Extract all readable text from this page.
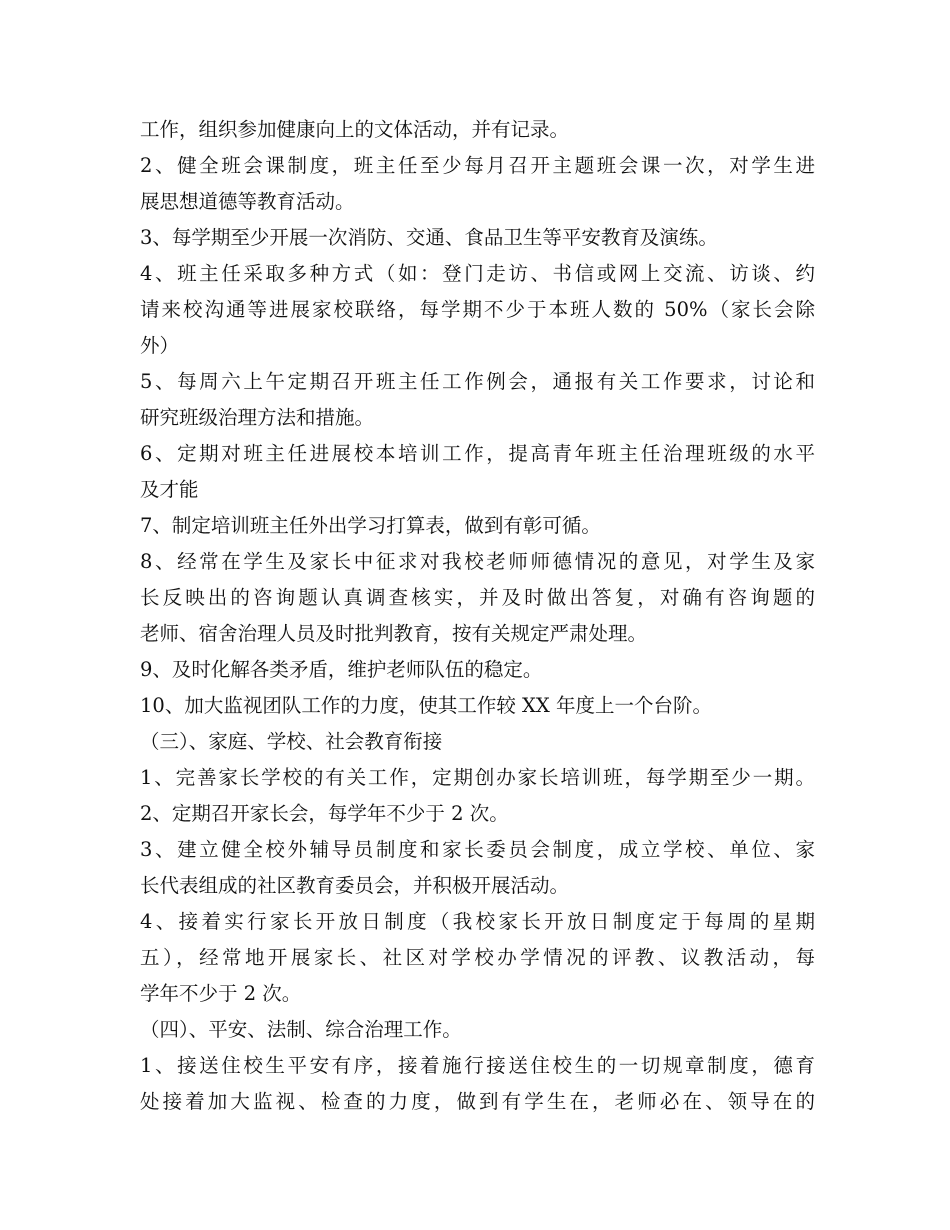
工作，组织参加健康向上的文体活动，并有记录。
2、健全班会课制度，班主任至少每月召开主题班会课一次，对学生进
展思想道德等教育活动。
3、每学期至少开展一次消防、交通、食品卫生等平安教育及演练。
4、班主任采取多种方式（如：登门走访、书信或网上交流、访谈、约
请来校沟通等进展家校联络，每学期不少于本班人数的 50%（家长会除
外）
5、每周六上午定期召开班主任工作例会，通报有关工作要求，讨论和
研究班级治理方法和措施。
6、定期对班主任进展校本培训工作，提高青年班主任治理班级的水平
及才能
7、制定培训班主任外出学习打算表，做到有彰可循。
8、经常在学生及家长中征求对我校老师师德情况的意见，对学生及家
长反映出的咨询题认真调查核实，并及时做出答复，对确有咨询题的
老师、宿舍治理人员及时批判教育，按有关规定严肃处理。
9、及时化解各类矛盾，维护老师队伍的稳定。
10、加大监视团队工作的力度，使其工作较 XX 年度上一个台阶。
（三）、家庭、学校、社会教育衔接
1、完善家长学校的有关工作，定期创办家长培训班，每学期至少一期。
2、定期召开家长会，每学年不少于 2 次。
3、建立健全校外辅导员制度和家长委员会制度，成立学校、单位、家
长代表组成的社区教育委员会，并积极开展活动。
4、接着实行家长开放日制度（我校家长开放日制度定于每周的星期
五），经常地开展家长、社区对学校办学情况的评教、议教活动，每
学年不少于 2 次。
（四）、平安、法制、综合治理工作。
1、接送住校生平安有序，接着施行接送住校生的一切规章制度，德育
处接着加大监视、检查的力度，做到有学生在，老师必在、领导在的
